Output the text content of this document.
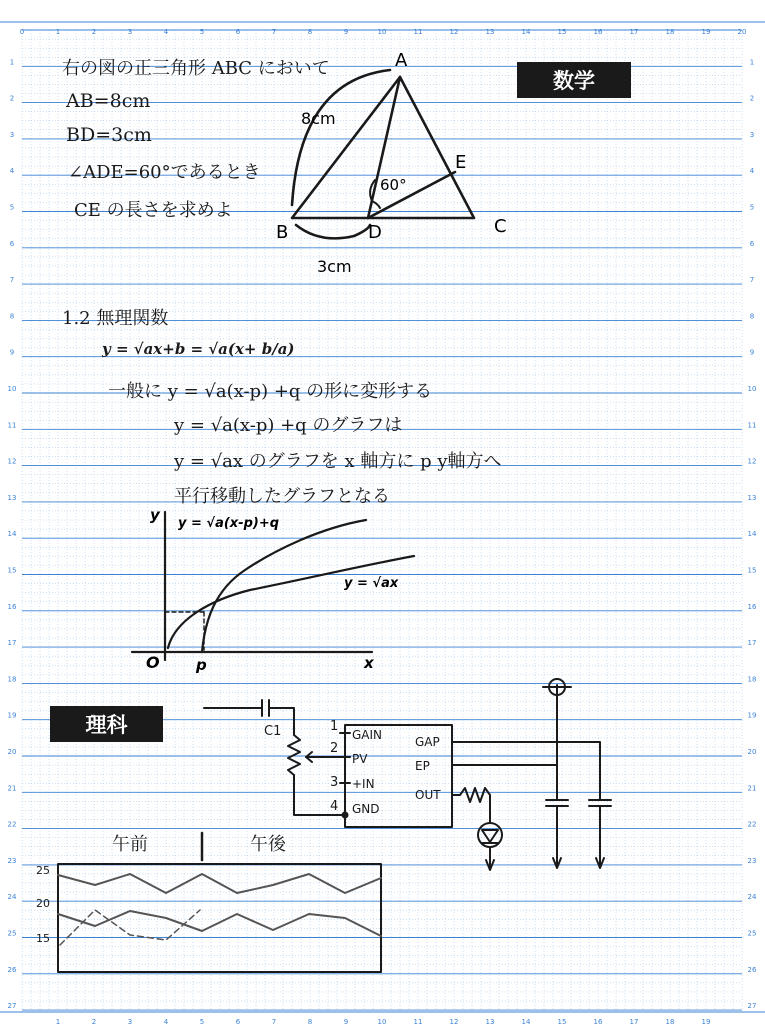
0	1	2	3	4	5	6	7	8	9	10	11	12	13	14	15	16	17	18	19	20
1	2	3	4	5	6	7	8	9	10	11	12	13	14	15	16	17	18	19
1	1
2	2
3	3
4	4
5	5
6	6
7	7
8	8
9	9
10	10
11	11
12	12
13	13
14	14
15	15
16	16
17	17
18	18
19	19
20	20
21	21
22	22
23	23
24	24
25	25
26	26
27	27
数学
右の図の正三角形 ABC において
AB=8cm
BD=3cm
∠ADE=60°であるとき
CE の長さを求めよ
A
B	C
D
E
8cm
3cm
60°
1.2 無理関数
y = √ax+b = √a(x+ b/a)
一般に y = √a(x-p) +q の形に変形する
y = √a(x-p) +q のグラフは
y = √ax のグラフを x 軸方に p y軸方へ
平行移動したグラフとなる
y y = √a(x-p)+q
y = √ax
O p	x
理科	C1	1
2
3
4
GAIN
PV
+IN
GND
GAP
EP
OUT
午前	午後
25
20
15
